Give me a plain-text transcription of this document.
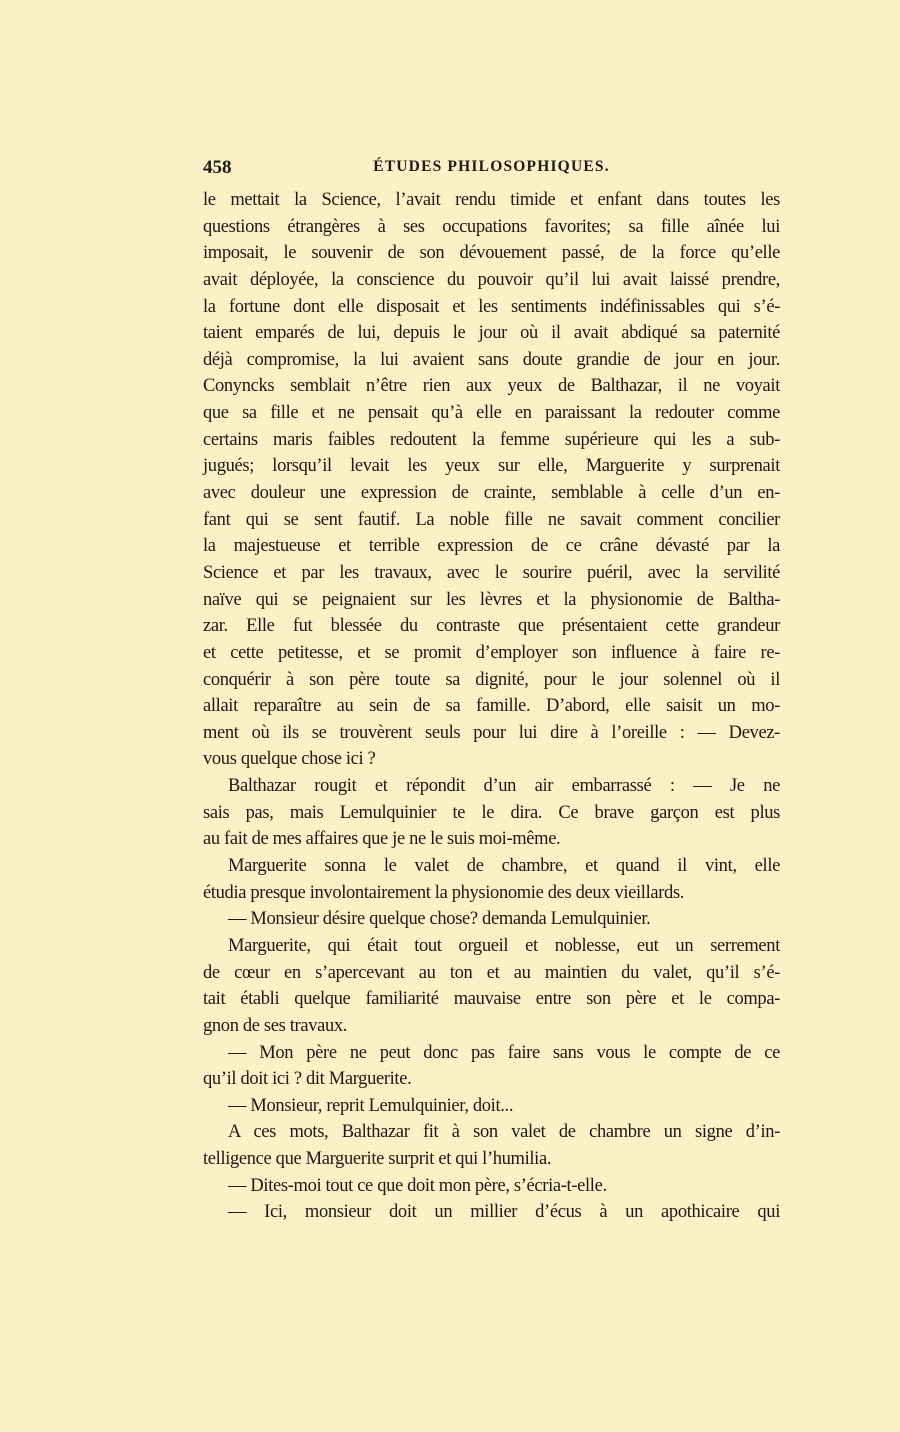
458	ÉTUDES PHILOSOPHIQUES.
le mettait la Science, l’avait rendu timide et enfant dans toutes les
questions étrangères à ses occupations favorites; sa fille aînée lui
imposait, le souvenir de son dévouement passé, de la force qu’elle
avait déployée, la conscience du pouvoir qu’il lui avait laissé prendre,
la fortune dont elle disposait et les sentiments indéfinissables qui s’é-
taient emparés de lui, depuis le jour où il avait abdiqué sa paternité
déjà compromise, la lui avaient sans doute grandie de jour en jour.
Conyncks semblait n’être rien aux yeux de Balthazar, il ne voyait
que sa fille et ne pensait qu’à elle en paraissant la redouter comme
certains maris faibles redoutent la femme supérieure qui les a sub-
jugués; lorsqu’il levait les yeux sur elle, Marguerite y surprenait
avec douleur une expression de crainte, semblable à celle d’un en-
fant qui se sent fautif. La noble fille ne savait comment concilier
la majestueuse et terrible expression de ce crâne dévasté par la
Science et par les travaux, avec le sourire puéril, avec la servilité
naïve qui se peignaient sur les lèvres et la physionomie de Baltha-
zar. Elle fut blessée du contraste que présentaient cette grandeur
et cette petitesse, et se promit d’employer son influence à faire re-
conquérir à son père toute sa dignité, pour le jour solennel où il
allait reparaître au sein de sa famille. D’abord, elle saisit un mo-
ment où ils se trouvèrent seuls pour lui dire à l’oreille : — Devez-
vous quelque chose ici ?
Balthazar rougit et répondit d’un air embarrassé : — Je ne
sais pas, mais Lemulquinier te le dira. Ce brave garçon est plus
au fait de mes affaires que je ne le suis moi-même.
Marguerite sonna le valet de chambre, et quand il vint, elle
étudia presque involontairement la physionomie des deux vieillards.
— Monsieur désire quelque chose? demanda Lemulquinier.
Marguerite, qui était tout orgueil et noblesse, eut un serrement
de cœur en s’apercevant au ton et au maintien du valet, qu’il s’é-
tait établi quelque familiarité mauvaise entre son père et le compa-
gnon de ses travaux.
— Mon père ne peut donc pas faire sans vous le compte de ce
qu’il doit ici ? dit Marguerite.
— Monsieur, reprit Lemulquinier, doit...
A ces mots, Balthazar fit à son valet de chambre un signe d’in-
telligence que Marguerite surprit et qui l’humilia.
— Dites-moi tout ce que doit mon père, s’écria-t-elle.
— Ici, monsieur doit un millier d’écus à un apothicaire qui
